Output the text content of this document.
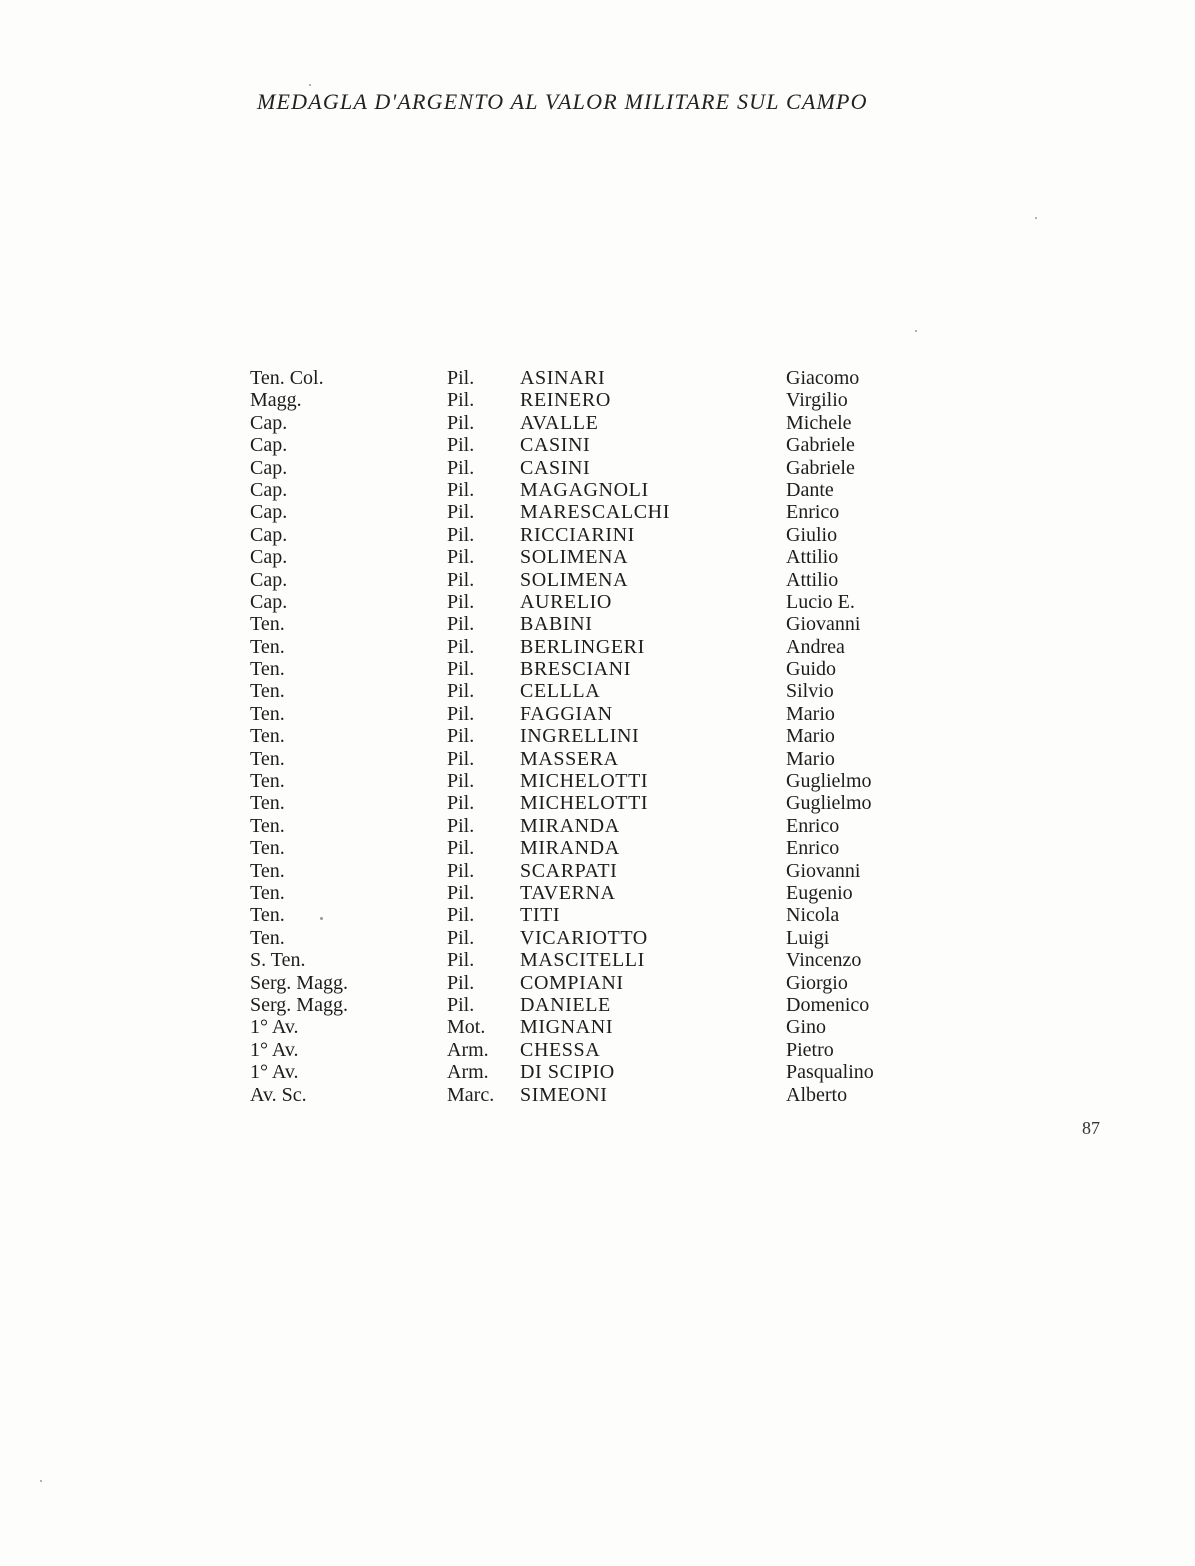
MEDAGLA D'ARGENTO AL VALOR MILITARE SUL CAMPO
Ten. Col.	Pil. ASINARI	Giacomo
Magg.	Pil. REINERO	Virgilio
Cap.	Pil. AVALLE	Michele
Cap.	Pil. CASINI	Gabriele
Cap.	Pil. CASINI	Gabriele
Cap.	Pil. MAGAGNOLI	Dante
Cap.	Pil. MARESCALCHI	Enrico
Cap.	Pil. RICCIARINI	Giulio
Cap.	Pil. SOLIMENA	Attilio
Cap.	Pil. SOLIMENA	Attilio
Cap.	Pil. AURELIO	Lucio E.
Ten.	Pil. BABINI	Giovanni
Ten.	Pil. BERLINGERI	Andrea
Ten.	Pil. BRESCIANI	Guido
Ten.	Pil. CELLLA	Silvio
Ten.	Pil. FAGGIAN	Mario
Ten.	Pil. INGRELLINI	Mario
Ten.	Pil. MASSERA	Mario
Ten.	Pil. MICHELOTTI	Guglielmo
Ten.	Pil. MICHELOTTI	Guglielmo
Ten.	Pil. MIRANDA	Enrico
Ten.	Pil. MIRANDA	Enrico
Ten.	Pil. SCARPATI	Giovanni
Ten.	Pil. TAVERNA	Eugenio
Ten.	Pil. TITI	Nicola
Ten.	Pil. VICARIOTTO	Luigi
S. Ten.	Pil. MASCITELLI	Vincenzo
Serg. Magg.	Pil. COMPIANI	Giorgio
Serg. Magg.	Pil. DANIELE	Domenico
1° Av.	Mot. MIGNANI	Gino
1° Av.	Arm. CHESSA	Pietro
1° Av.	Arm. DI SCIPIO	Pasqualino
Av. Sc.	Marc. SIMEONI	Alberto
87
